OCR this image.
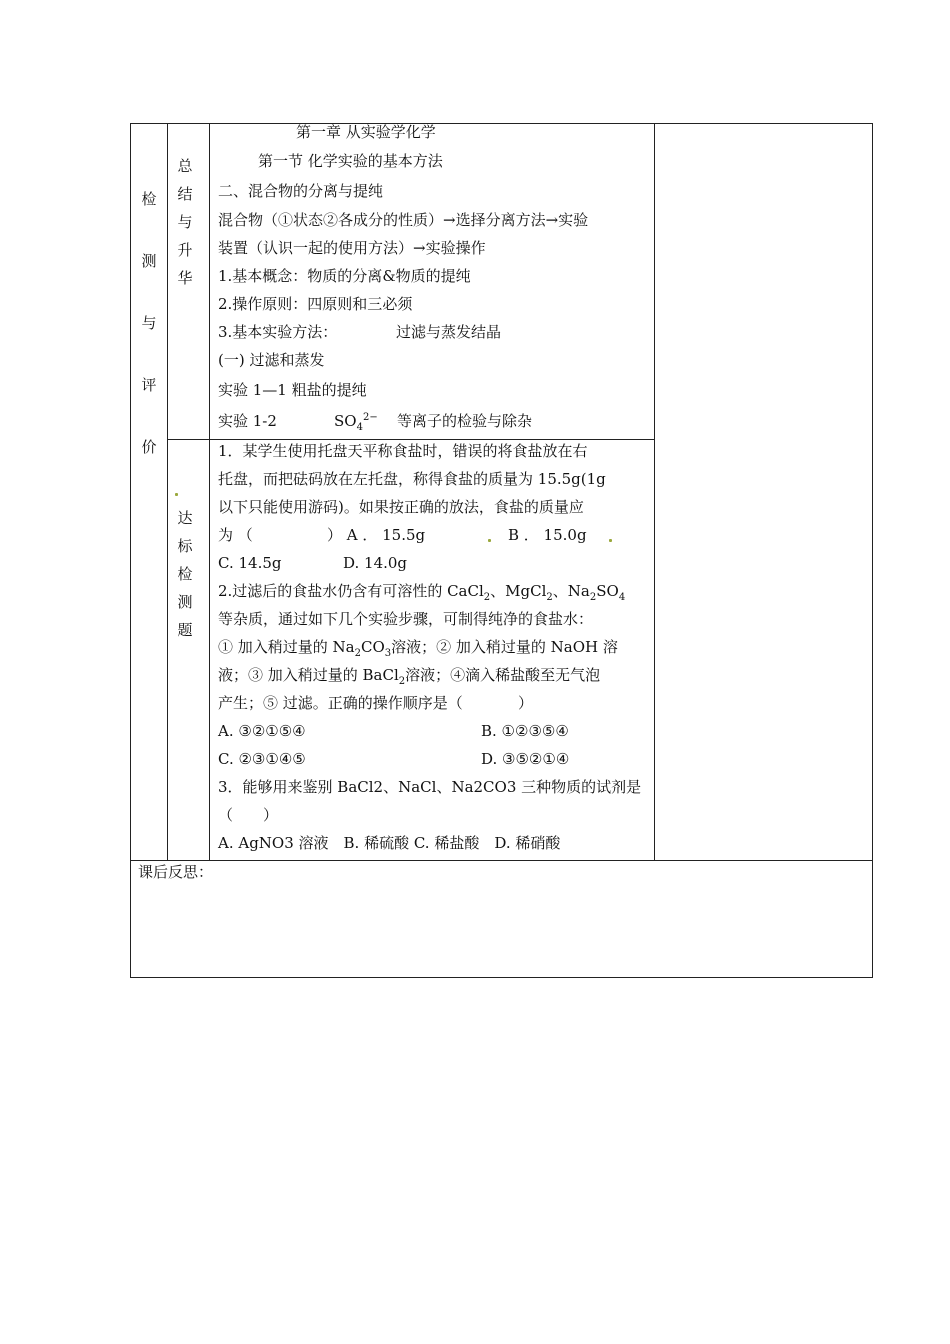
检
测
与
评
价
总
结
与
升
华
第一章 从实验学化学
第一节 化学实验的基本方法
二、混合物的分离与提纯
混合物（①状态②各成分的性质）→选择分离方法→实验
装置（认识一起的使用方法）→实验操作
1.基本概念：物质的分离&物质的提纯
2.操作原则：四原则和三必须
3.基本实验方法：	过滤与蒸发结晶
(一) 过滤和蒸发
实验 1—1 粗盐的提纯
实验 1-2	$SO_4^{2-}$ 等离子的检验与除杂
达
标
检
测
题
1．某学生使用托盘天平称食盐时，错误的将食盐放在右
托盘，而把砝码放在左托盘，称得食盐的质量为 15.5g(1g
以下只能使用游码)。如果按正确的放法，食盐的质量应
为 （	） A ． 15.5g	B ． 15.0g
C. 14.5g	D. 14.0g
2.过滤后的食盐水仍含有可溶性的 CaCl$_2$、MgCl$_2$、$Na_2SO_4$
等杂质，通过如下几个实验步骤，可制得纯净的食盐水：
① 加入稍过量的 $Na_2CO_3$溶液；② 加入稍过量的 NaOH 溶
液；③ 加入稍过量的 BaCl$_2$溶液；④滴入稀盐酸至无气泡
产生；⑤ 过滤。正确的操作顺序是（	）
A. ③②①⑤④	B. ①②③⑤④
C. ②③①④⑤	D. ③⑤②①④
3．能够用来鉴别 BaCl2、NaCl、Na2CO3 三种物质的试剂是
（　　）
A. AgNO3 溶液　B. 稀硫酸 C. 稀盐酸　D. 稀硝酸
课后反思：
